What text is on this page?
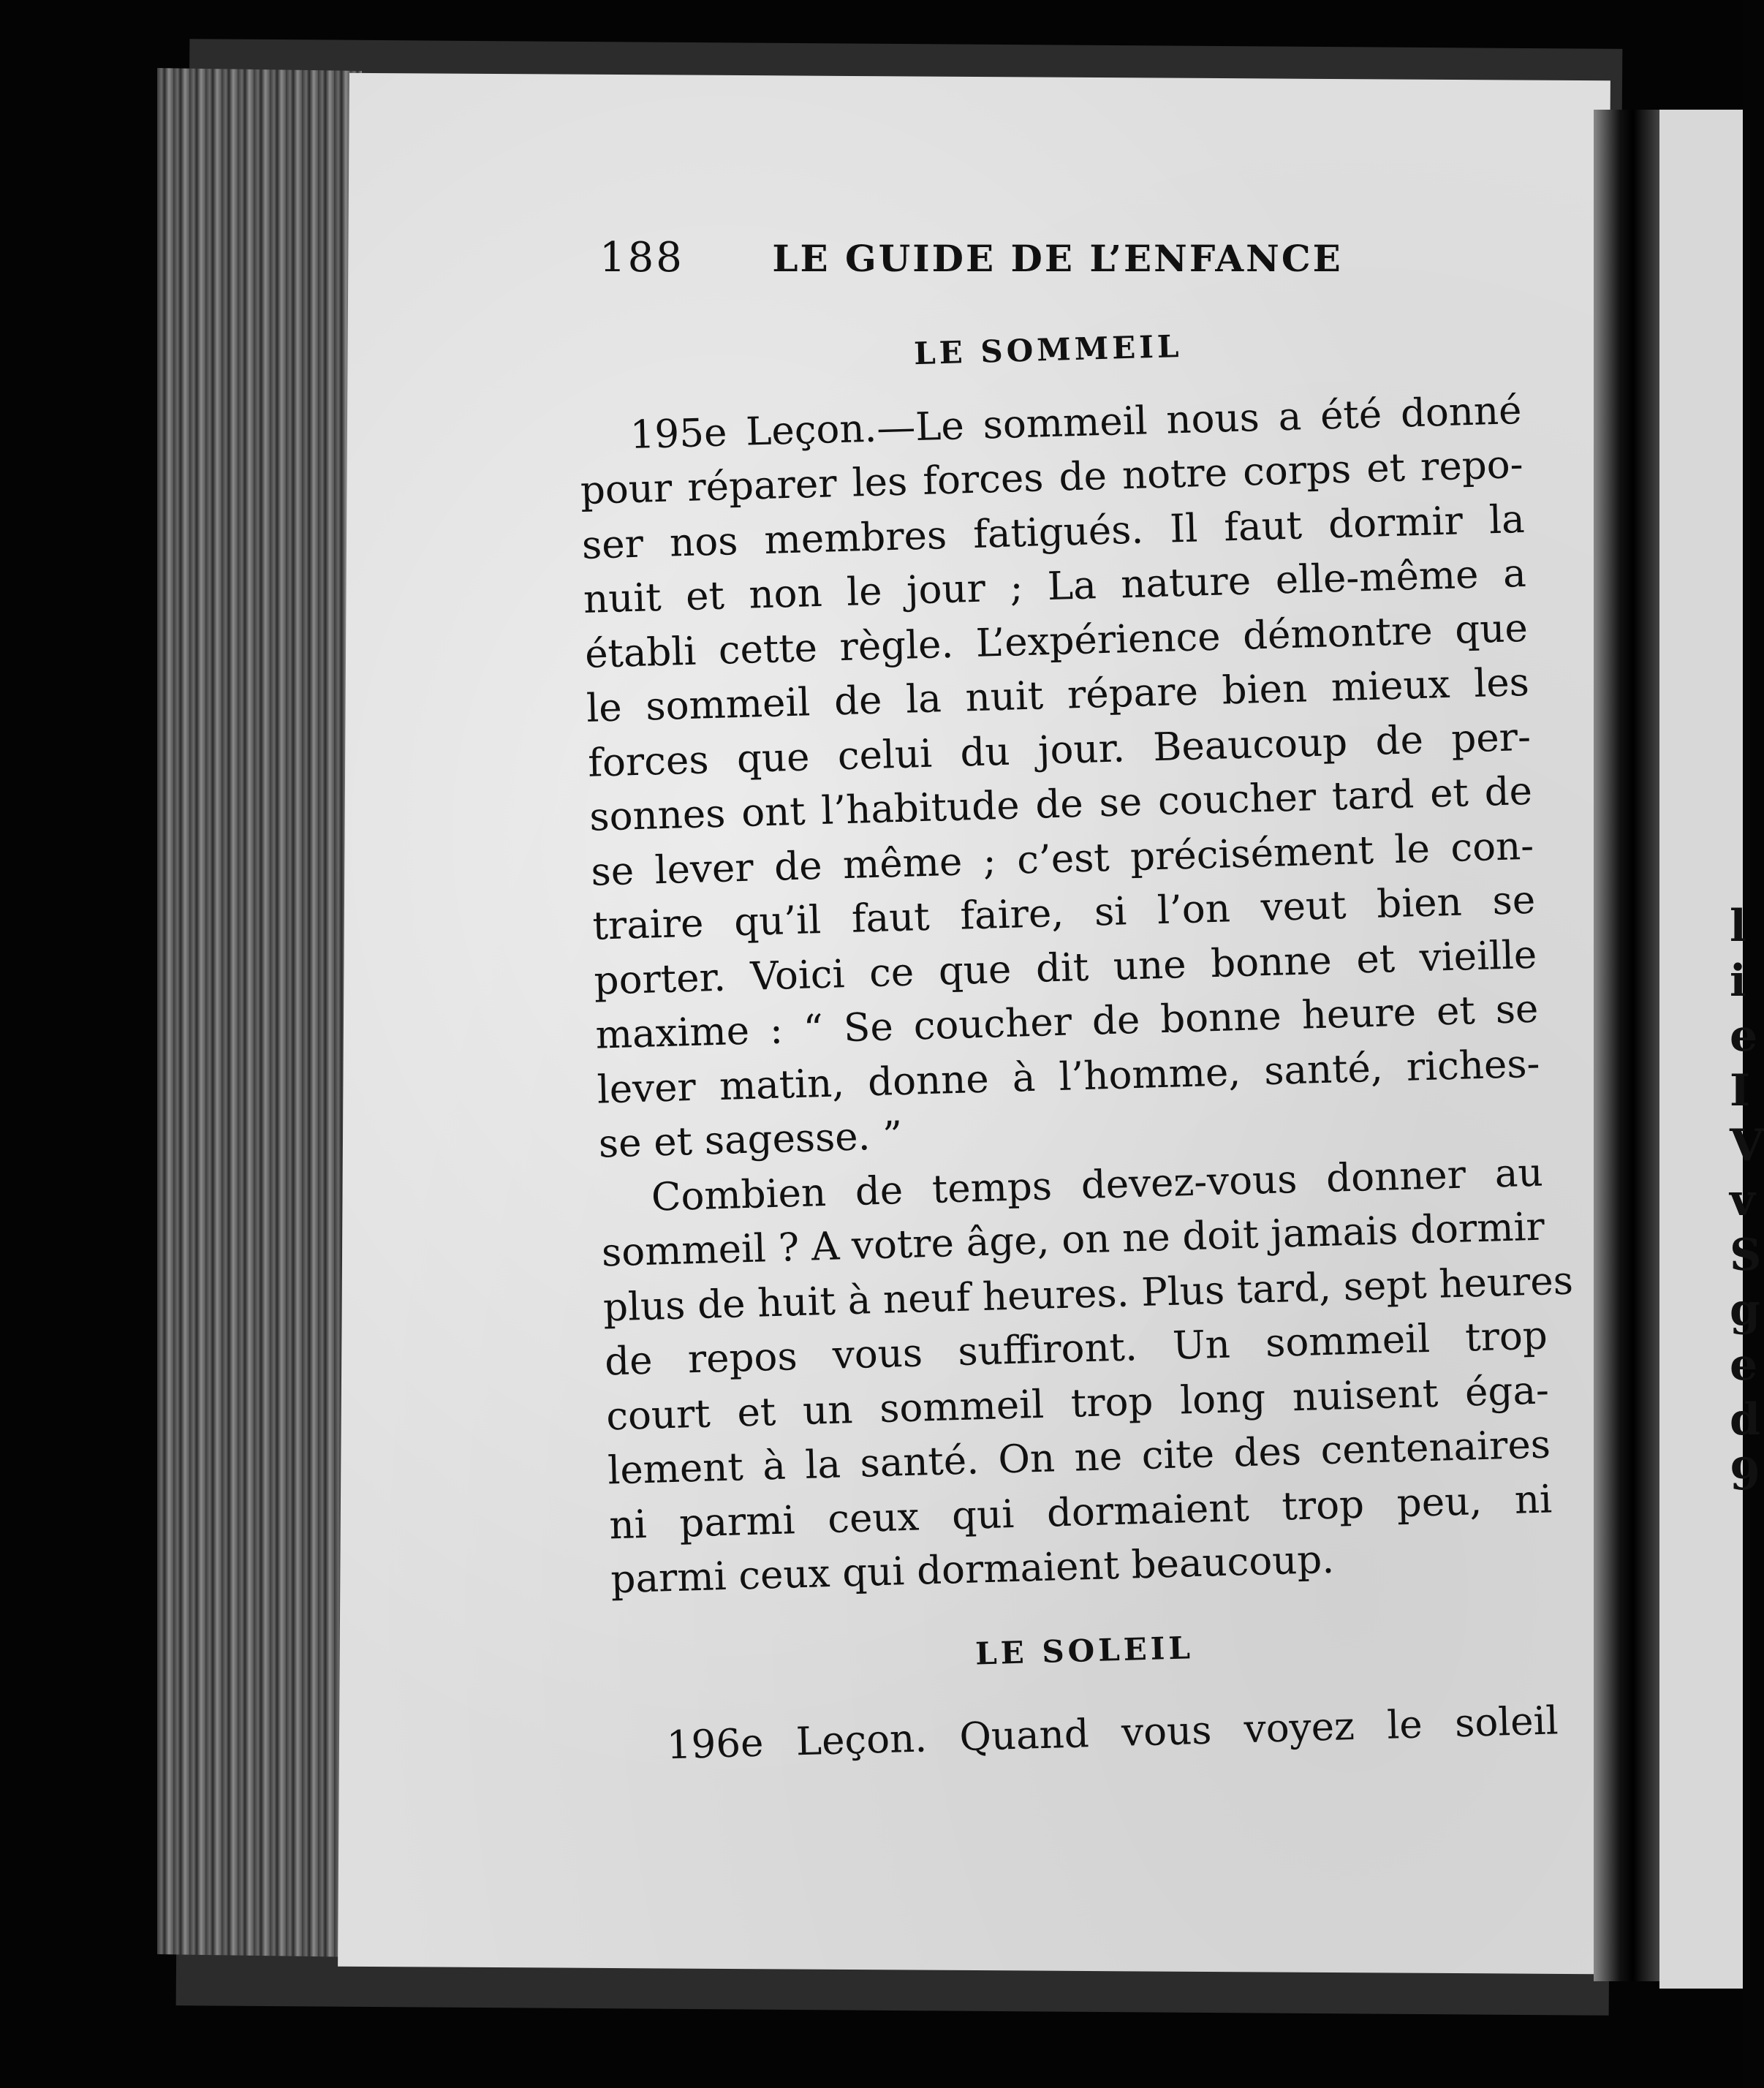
188 LE GUIDE DE L’ENFANCE
LE SOMMEIL
195e Leçon.—Le sommeil nous a été donné
pour réparer les forces de notre corps et repo-
ser nos membres fatigués. Il faut dormir la
nuit et non le jour ; La nature elle-même a
établi cette règle. L’expérience démontre que
le sommeil de la nuit répare bien mieux les
forces que celui du jour. Beaucoup de per-
sonnes ont l’habitude de se coucher tard et de
se lever de même ; c’est précisément le con-
traire qu’il faut faire, si l’on veut bien se
porter. Voici ce que dit une bonne et vieille
maxime : “ Se coucher de bonne heure et se
lever matin, donne à l’homme, santé, riches-
se et sagesse. ”
Combien de temps devez-vous donner au
sommeil ? A votre âge, on ne doit jamais dormir
plus de huit à neuf heures. Plus tard, sept heures
de repos vous suffiront. Un sommeil trop
court et un sommeil trop long nuisent éga-
lement à la santé. On ne cite des centenaires
ni parmi ceux qui dormaient trop peu, ni
parmi ceux qui dormaient beaucoup.
LE SOLEIL
196e Leçon. Quand vous voyez le soleil
l i e I V v S g e d 9
